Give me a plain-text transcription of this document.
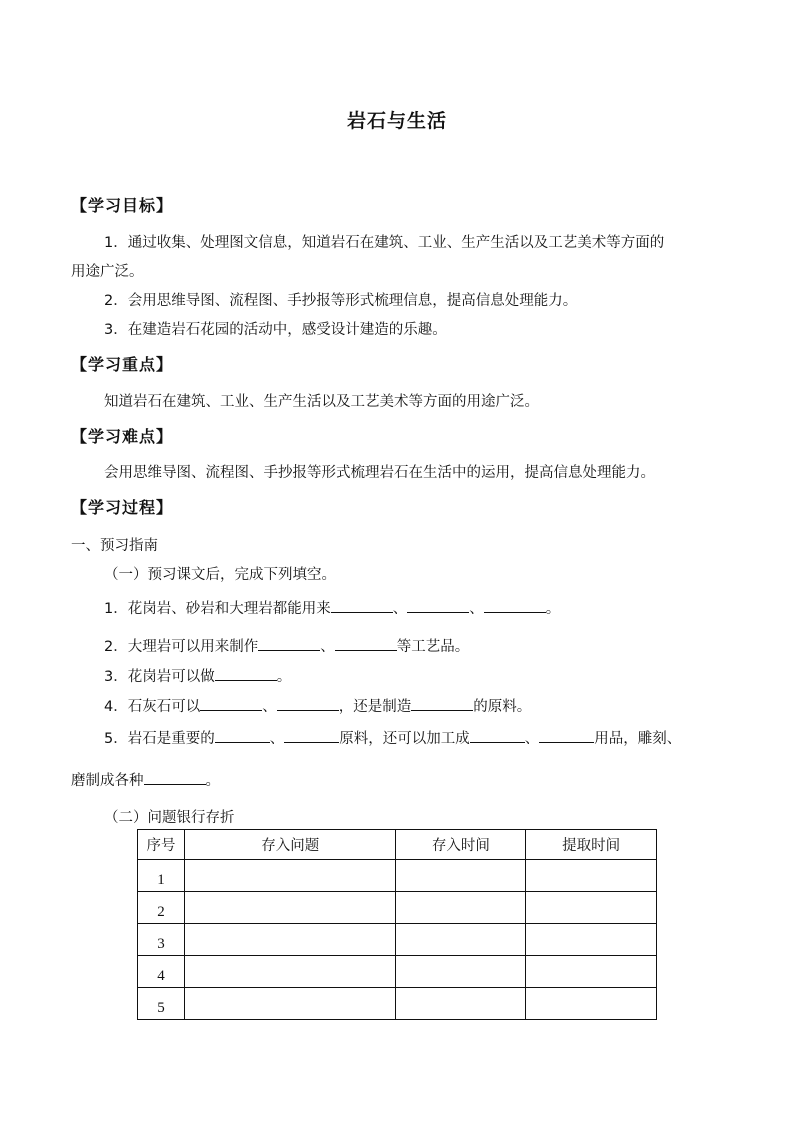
岩石与生活
【学习目标】
1．通过收集、处理图文信息，知道岩石在建筑、工业、生产生活以及工艺美术等方面的
用途广泛。
2．会用思维导图、流程图、手抄报等形式梳理信息，提高信息处理能力。
3．在建造岩石花园的活动中，感受设计建造的乐趣。
【学习重点】
知道岩石在建筑、工业、生产生活以及工艺美术等方面的用途广泛。
【学习难点】
会用思维导图、流程图、手抄报等形式梳理岩石在生活中的运用，提高信息处理能力。
【学习过程】
一、预习指南
（一）预习课文后，完成下列填空。
1．花岗岩、砂岩和大理岩都能用来	、	、	。
2．大理岩可以用来制作	、	等工艺品。
3．花岗岩可以做	。
4．石灰石可以	、	，还是制造	的原料。
5．岩石是重要的	、	原料，还可以加工成	、	用品，雕刻、
磨制成各种	。
（二）问题银行存折
序号	存入问题	存入时间	提取时间
1			
2			
3			
4			
5			
